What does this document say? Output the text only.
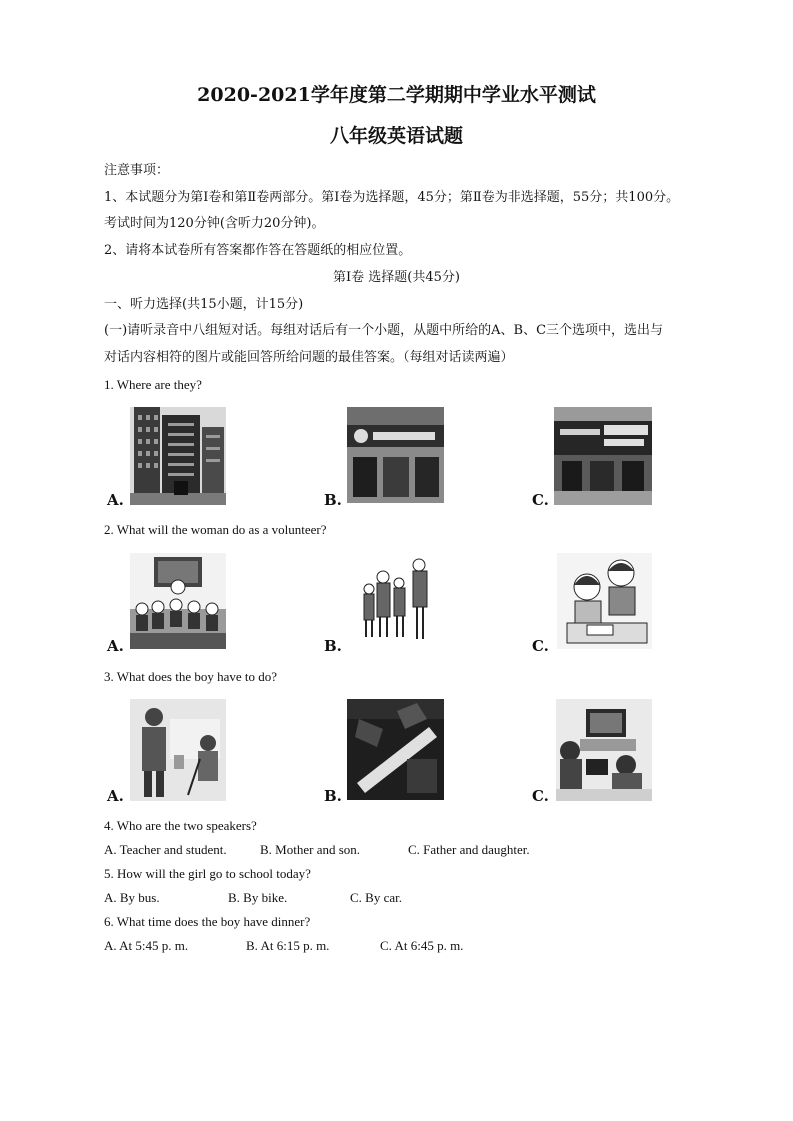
2020-2021学年度第二学期期中学业水平测试
八年级英语试题
注意事项：
1、本试题分为第Ⅰ卷和第Ⅱ卷两部分。第Ⅰ卷为选择题，45分；第Ⅱ卷为非选择题，55分；共100分。
考试时间为120分钟(含听力20分钟)。
2、请将本试卷所有答案都作答在答题纸的相应位置。
第Ⅰ卷 选择题(共45分)
一、听力选择(共15小题，计15分)
(一)请听录音中八组短对话。每组对话后有一个小题，从题中所给的A、B、C三个选项中，选出与
对话内容相符的图片或能回答所给问题的最佳答案。（每组对话读两遍）
1. Where are they?
A.	B.	C.
2. What will the woman do as a volunteer?
A.	B.	C.
3. What does the boy have to do?
A.	B.	C.
4. Who are the two speakers?
A. Teacher and student.	B. Mother and son.	C. Father and daughter.
5. How will the girl go to school today?
A. By bus.	B. By bike.	C. By car.
6. What time does the boy have dinner?
A. At 5:45 p. m.	B. At 6:15 p. m.	C. At 6:45 p. m.
